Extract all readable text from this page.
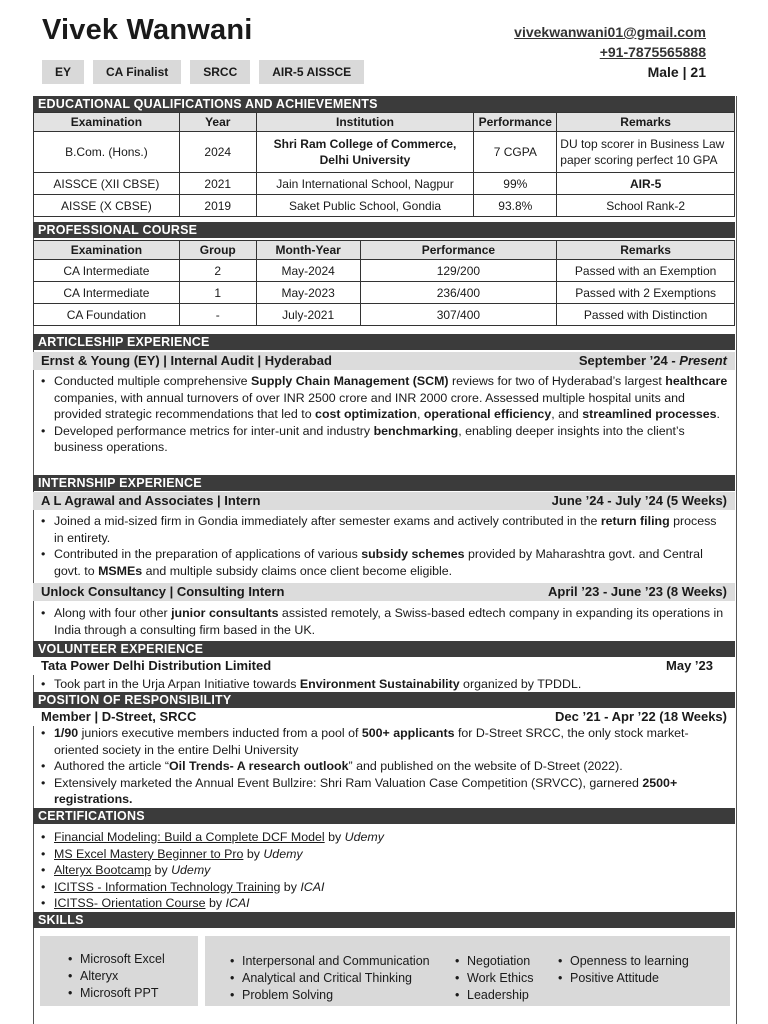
Vivek Wanwani
EY	CA Finalist	SRCC	AIR-5 AISSCE
vivekwanwani01@gmail.com
+91-7875565888
Male | 21
EDUCATIONAL QUALIFICATIONS AND ACHIEVEMENTS
Examination	Year	Institution	Performance	Remarks
B.Com. (Hons.)	2024	Shri Ram College of Commerce, Delhi University	7 CGPA	DU top scorer in Business Law paper scoring perfect 10 GPA
AISSCE (XII CBSE)	2021	Jain International School, Nagpur	99%	AIR-5
AISSE (X CBSE)	2019	Saket Public School, Gondia	93.8%	School Rank-2
PROFESSIONAL COURSE
Examination	Group	Month-Year	Performance	Remarks
CA Intermediate	2	May-2024	129/200	Passed with an Exemption
CA Intermediate	1	May-2023	236/400	Passed with 2 Exemptions
CA Foundation	-	July-2021	307/400	Passed with Distinction
ARTICLESHIP EXPERIENCE
Ernst & Young (EY) | Internal Audit | Hyderabad	September ’24 - Present
• Conducted multiple comprehensive Supply Chain Management (SCM) reviews for two of Hyderabad’s largest healthcare companies, with annual turnovers of over INR 2500 crore and INR 2000 crore. Assessed multiple hospital units and provided strategic recommendations that led to cost optimization, operational efficiency, and streamlined processes.
• Developed performance metrics for inter-unit and industry benchmarking, enabling deeper insights into the client’s business operations.
INTERNSHIP EXPERIENCE
A L Agrawal and Associates | Intern	June ’24 - July ’24 (5 Weeks)
• Joined a mid-sized firm in Gondia immediately after semester exams and actively contributed in the return filing process in entirety.
• Contributed in the preparation of applications of various subsidy schemes provided by Maharashtra govt. and Central govt. to MSMEs and multiple subsidy claims once client become eligible.
Unlock Consultancy | Consulting Intern	April ’23 - June ’23 (8 Weeks)
• Along with four other junior consultants assisted remotely, a Swiss-based edtech company in expanding its operations in India through a consulting firm based in the UK.
VOLUNTEER EXPERIENCE
Tata Power Delhi Distribution Limited	May ’23
• Took part in the Urja Arpan Initiative towards Environment Sustainability organized by TPDDL.
POSITION OF RESPONSIBILITY
Member | D-Street, SRCC	Dec ’21 - Apr ’22 (18 Weeks)
• 1/90 juniors executive members inducted from a pool of 500+ applicants for D-Street SRCC, the only stock market-oriented society in the entire Delhi University
• Authored the article “Oil Trends- A research outlook” and published on the website of D-Street (2022).
• Extensively marketed the Annual Event Bullzire: Shri Ram Valuation Case Competition (SRVCC), garnered 2500+ registrations.
CERTIFICATIONS
• Financial Modeling: Build a Complete DCF Model by Udemy
• MS Excel Mastery Beginner to Pro by Udemy
• Alteryx Bootcamp by Udemy
• ICITSS - Information Technology Training by ICAI
• ICITSS- Orientation Course by ICAI
SKILLS
• Microsoft Excel
• Alteryx
• Microsoft PPT
• Interpersonal and Communication
• Analytical and Critical Thinking
• Problem Solving
• Negotiation
• Work Ethics
• Leadership
• Openness to learning
• Positive Attitude
